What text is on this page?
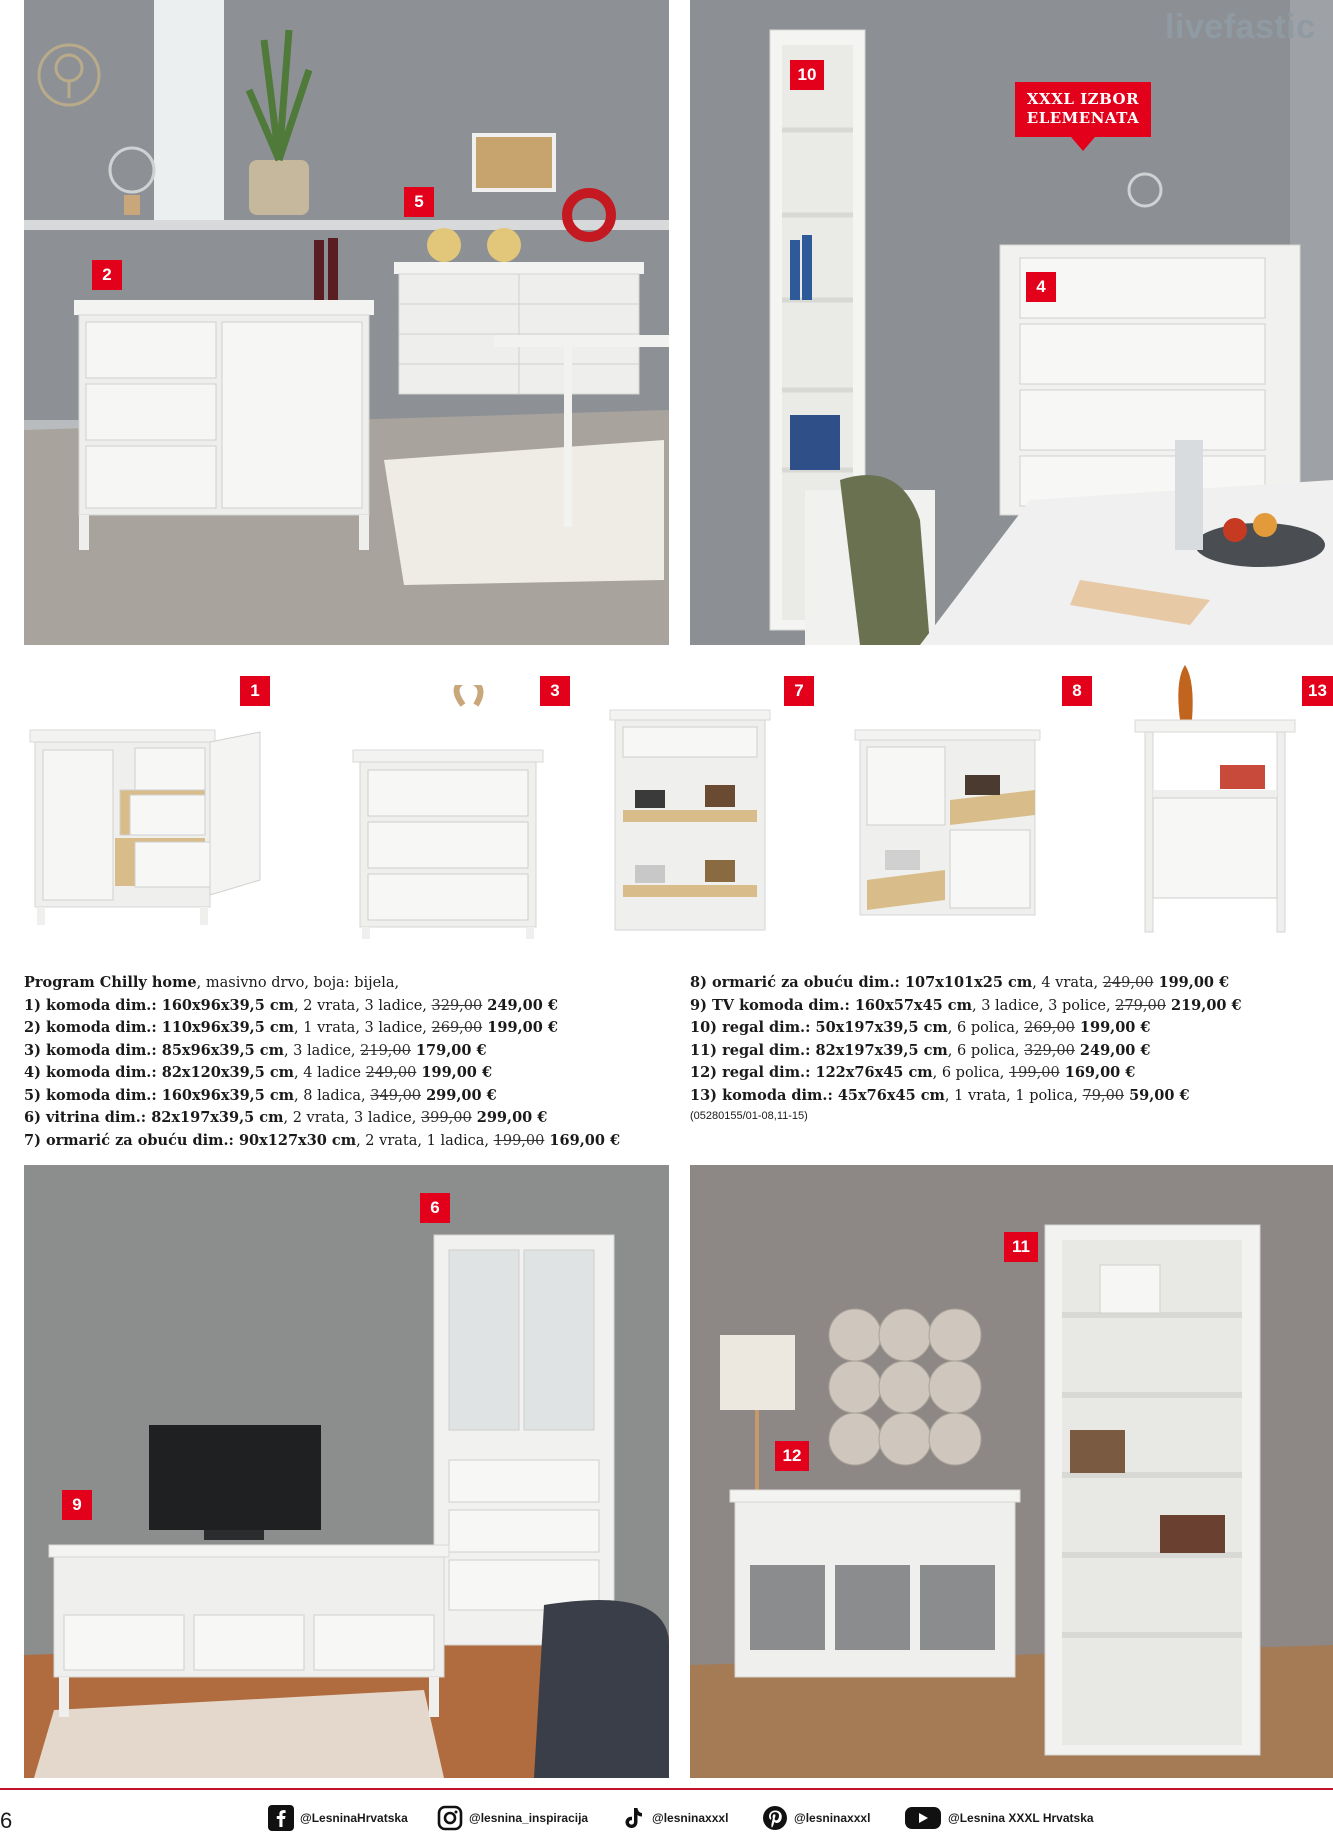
livefastic
XXXL IZBOR
ELEMENATA
2
5
10
4
1	3	7	8	13
Program Chilly home, masivno drvo, boja: bijela,
1) komoda dim.: 160x96x39,5 cm, 2 vrata, 3 ladice, 329,00 249,00 €
2) komoda dim.: 110x96x39,5 cm, 1 vrata, 3 ladice, 269,00 199,00 €
3) komoda dim.: 85x96x39,5 cm, 3 ladice, 219,00 179,00 €
4) komoda dim.: 82x120x39,5 cm, 4 ladice 249,00 199,00 €
5) komoda dim.: 160x96x39,5 cm, 8 ladica, 349,00 299,00 €
6) vitrina dim.: 82x197x39,5 cm, 2 vrata, 3 ladice, 399,00 299,00 €
7) ormarić za obuću dim.: 90x127x30 cm, 2 vrata, 1 ladica, 199,00 169,00 €
8) ormarić za obuću dim.: 107x101x25 cm, 4 vrata, 249,00 199,00 €
9) TV komoda dim.: 160x57x45 cm, 3 ladice, 3 police, 279,00 219,00 €
10) regal dim.: 50x197x39,5 cm, 6 polica, 269,00 199,00 €
11) regal dim.: 82x197x39,5 cm, 6 polica, 329,00 249,00 €
12) regal dim.: 122x76x45 cm, 6 polica, 199,00 169,00 €
13) komoda dim.: 45x76x45 cm, 1 vrata, 1 polica, 79,00 59,00 €
(05280155/01-08,11-15)
6
9
11
12
6	@LesninaHrvatska	@lesnina_inspiracija	@lesninaxxxl	@lesninaxxxl	@Lesnina XXXL Hrvatska
